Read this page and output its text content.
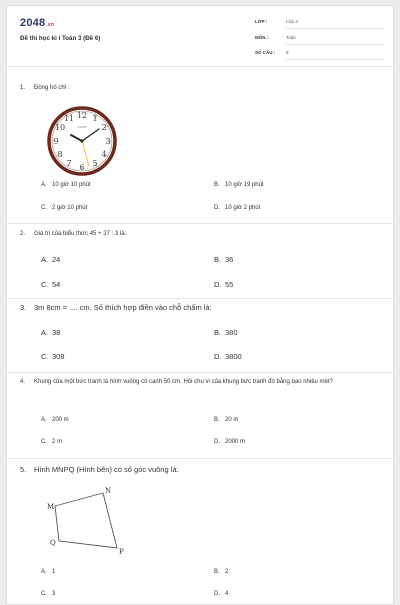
2048.vn
Đề thi học kì I Toán 3 (Đề 6)
LỚP :	Lớp 3
MÔN :	Toán
SỐ CÂU : 8
1. Đồng hồ chỉ :
11 12 1
2
3
4
5
6
7
8
9
10	QUARTZ
A. 10 giờ 10 phút	B. 10 giờ 19 phút
C. 2 giờ 10 phút	D. 10 giờ 2 phút
2. Giá trị của biểu thức 45 + 27 : 3 là:
A. 24	B. 36
C. 54	D. 55
3. 3m 8cm = .... cm. Số thích hợp điền vào chỗ chấm là:
A. 38	B. 380
C. 308	D. 3800
4.	Khung của một bức tranh là hình vuông có cạnh 50 cm. Hỏi chu vi của khung bức tranh đó bằng bao nhiêu mét?
A. 200 m	B. 20 m
C. 2 m	D. 2000 m
5. Hình MNPQ (Hình bên) có số góc vuông là:
M
N
P
Q
A. 1	B. 2
C. 3	D. 4
